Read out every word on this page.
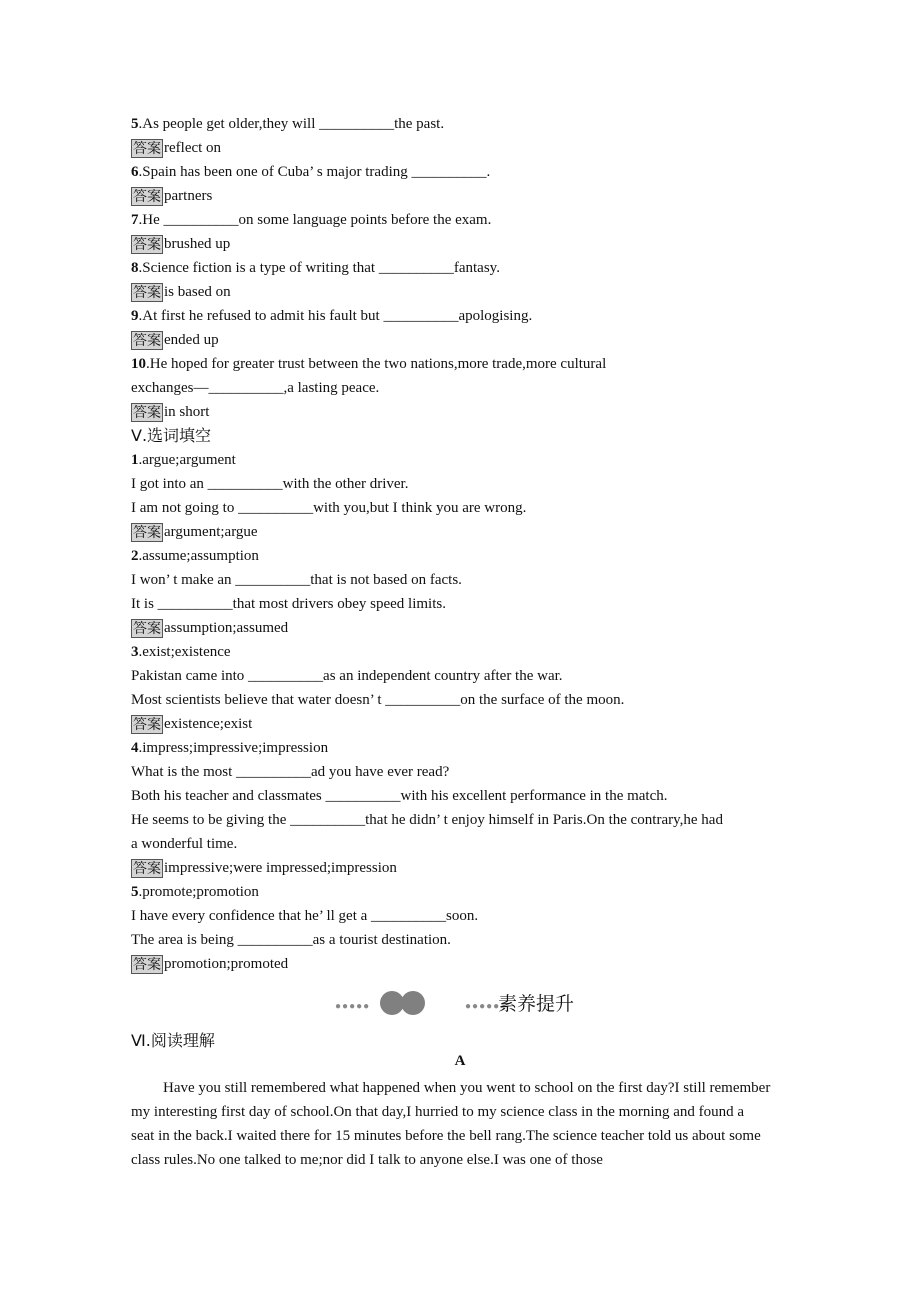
5.As people get older,they will __________the past.
答案 reflect on
6.Spain has been one of Cuba’ s major trading __________.
答案 partners
7.He __________on some language points before the exam.
答案 brushed up
8.Science fiction is a type of writing that __________fantasy.
答案 is based on
9.At first he refused to admit his fault but __________apologising.
答案 ended up
10.He hoped for greater trust between the two nations,more trade,more cultural
exchanges—__________,a lasting peace.
答案 in short
Ⅴ.选词填空
1.argue;argument
I got into an __________with the other driver.
I am not going to __________with you,but I think you are wrong.
答案 argument;argue
2.assume;assumption
I won’ t make an __________that is not based on facts.
It is __________that most drivers obey speed limits.
答案 assumption;assumed
3.exist;existence
Pakistan came into __________as an independent country after the war.
Most scientists believe that water doesn’ t __________on the surface of the moon.
答案 existence;exist
4.impress;impressive;impression
What is the most __________ad you have ever read?
Both his teacher and classmates __________with his excellent performance in the match.
He seems to be giving the __________that he didn’ t enjoy himself in Paris.On the contrary,he had
a wonderful time.
答案 impressive;were impressed;impression
5.promote;promotion
I have every confidence that he’ ll get a __________soon.
The area is being __________as a tourist destination.
答案 promotion;promoted
●●●●●	●●●●●
素养提升
Ⅵ.阅读理解
A
Have you still remembered what happened when you went to school on the first day?I still remember my interesting first day of school.On that day,I hurried to my science class in the morning and found a seat in the back.I waited there for 15 minutes before the bell rang.The science teacher told us about some class rules.No one talked to me;nor did I talk to anyone else.I was one of those
